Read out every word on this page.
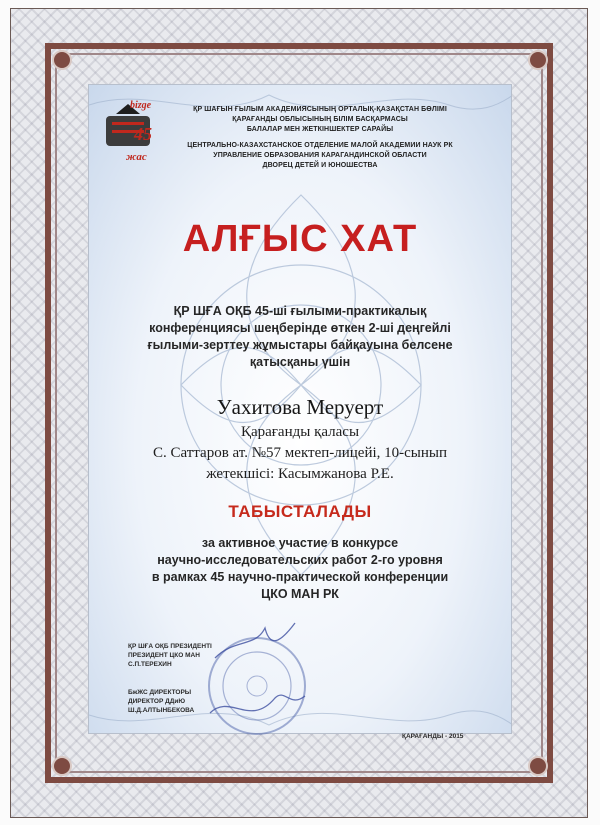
bizge
45
жас
ҚР ШАҒЫН ҒЫЛЫМ АКАДЕМИЯСЫНЫҢ ОРТАЛЫҚ-ҚАЗАҚСТАН БӨЛІМІ
ҚАРАҒАНДЫ ОБЛЫСЫНЫҢ БІЛІМ БАСҚАРМАСЫ
БАЛАЛАР МЕН ЖЕТКІНШЕКТЕР САРАЙЫ
ЦЕНТРАЛЬНО-КАЗАХСТАНСКОЕ ОТДЕЛЕНИЕ МАЛОЙ АКАДЕМИИ НАУК РК
УПРАВЛЕНИЕ ОБРАЗОВАНИЯ КАРАГАНДИНСКОЙ ОБЛАСТИ
ДВОРЕЦ ДЕТЕЙ И ЮНОШЕСТВА
АЛҒЫС ХАТ
ҚР ШҒА ОҚБ 45-ші ғылыми-практикалық
конференциясы шеңберінде өткен 2-ші деңгейлі
ғылыми-зерттеу жұмыстары байқауына белсене
қатысқаны үшін
Уахитова Меруерт
Қарағанды қаласы
С. Саттаров ат. №57 мектеп-лицейі, 10-сынып
жетекшісі: Касымжанова Р.Е.
ТАБЫСТАЛАДЫ
за активное участие в конкурсе
научно-исследовательских работ 2-го уровня
в рамках 45 научно-практической конференции
ЦКО МАН РК
ҚР ШҒА ОҚБ ПРЕЗИДЕНТІ
ПРЕЗИДЕНТ ЦКО МАН
С.П.ТЕРЕХИН
БжЖС ДИРЕКТОРЫ
ДИРЕКТОР ДДиЮ
Ш.Д.АЛТЫНБЕКОВА
ҚАРАҒАНДЫ - 2015
